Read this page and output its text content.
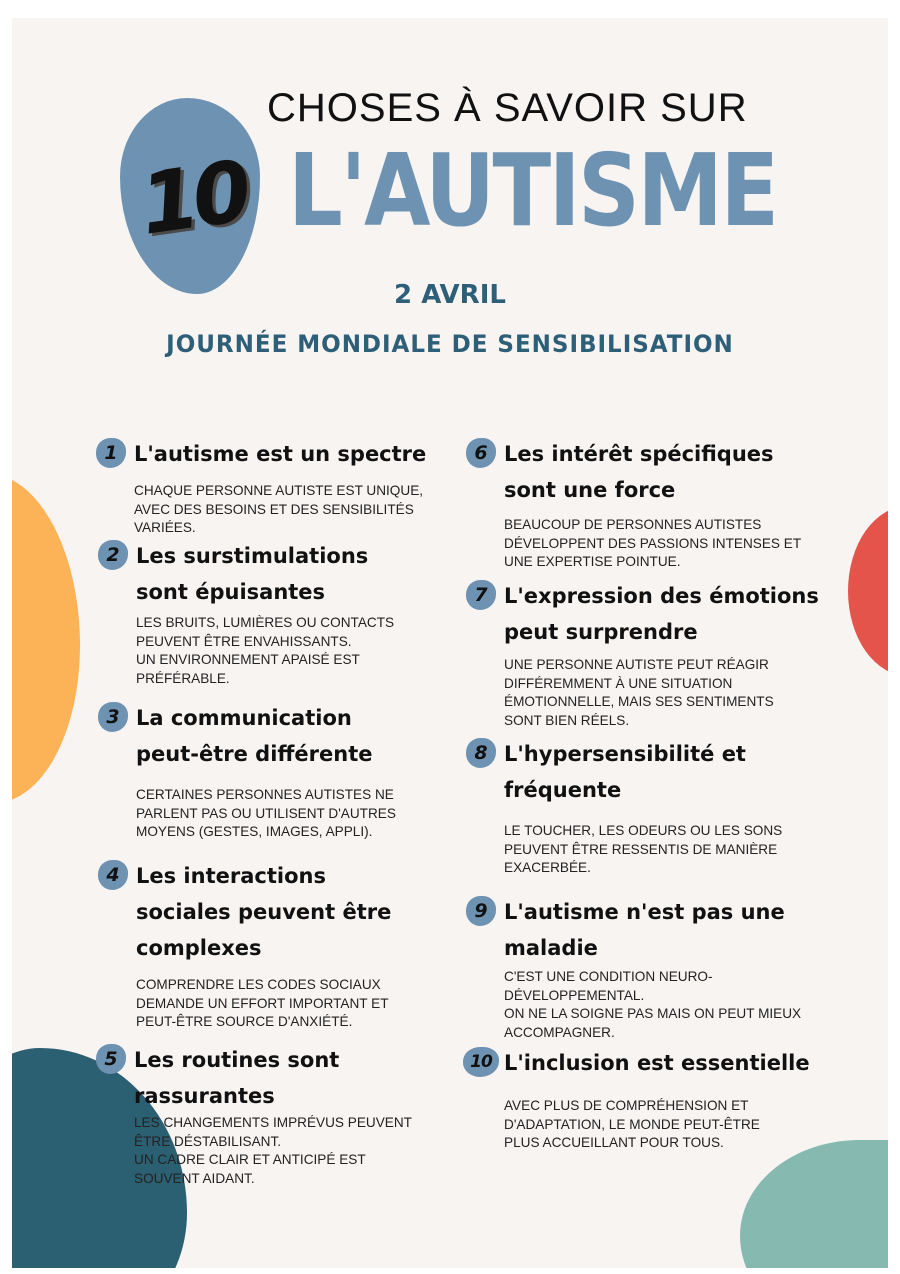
10
CHOSES À SAVOIR SUR
L'AUTISME
2 AVRIL
JOURNÉE MONDIALE DE SENSIBILISATION
1 L'autisme est un spectre
CHAQUE PERSONNE AUTISTE EST UNIQUE,
AVEC DES BESOINS ET DES SENSIBILITÉS
VARIÉES.
2 Les surstimulations
sont épuisantes
LES BRUITS, LUMIÈRES OU CONTACTS
PEUVENT ÊTRE ENVAHISSANTS.
UN ENVIRONNEMENT APAISÉ EST
PRÉFÉRABLE.
3 La communication
peut-être différente
CERTAINES PERSONNES AUTISTES NE
PARLENT PAS OU UTILISENT D'AUTRES
MOYENS (GESTES, IMAGES, APPLI).
4 Les interactions
sociales peuvent être
complexes
COMPRENDRE LES CODES SOCIAUX
DEMANDE UN EFFORT IMPORTANT ET
PEUT-ÊTRE SOURCE D'ANXIÉTÉ.
5 Les routines sont
rassurantes
LES CHANGEMENTS IMPRÉVUS PEUVENT
ÊTRE DÉSTABILISANT.
UN CADRE CLAIR ET ANTICIPÉ EST
SOUVENT AIDANT.
6 Les intérêt spécifiques
sont une force
BEAUCOUP DE PERSONNES AUTISTES
DÉVELOPPENT DES PASSIONS INTENSES ET
UNE EXPERTISE POINTUE.
7 L'expression des émotions
peut surprendre
UNE PERSONNE AUTISTE PEUT RÉAGIR
DIFFÉREMMENT À UNE SITUATION
ÉMOTIONNELLE, MAIS SES SENTIMENTS
SONT BIEN RÉELS.
8 L'hypersensibilité et
fréquente
LE TOUCHER, LES ODEURS OU LES SONS
PEUVENT ÊTRE RESSENTIS DE MANIÈRE
EXACERBÉE.
9 L'autisme n'est pas une
maladie
C'EST UNE CONDITION NEURO-
DÉVELOPPEMENTAL.
ON NE LA SOIGNE PAS MAIS ON PEUT MIEUX
ACCOMPAGNER.
10 L'inclusion est essentielle
AVEC PLUS DE COMPRÉHENSION ET
D'ADAPTATION, LE MONDE PEUT-ÊTRE
PLUS ACCUEILLANT POUR TOUS.
